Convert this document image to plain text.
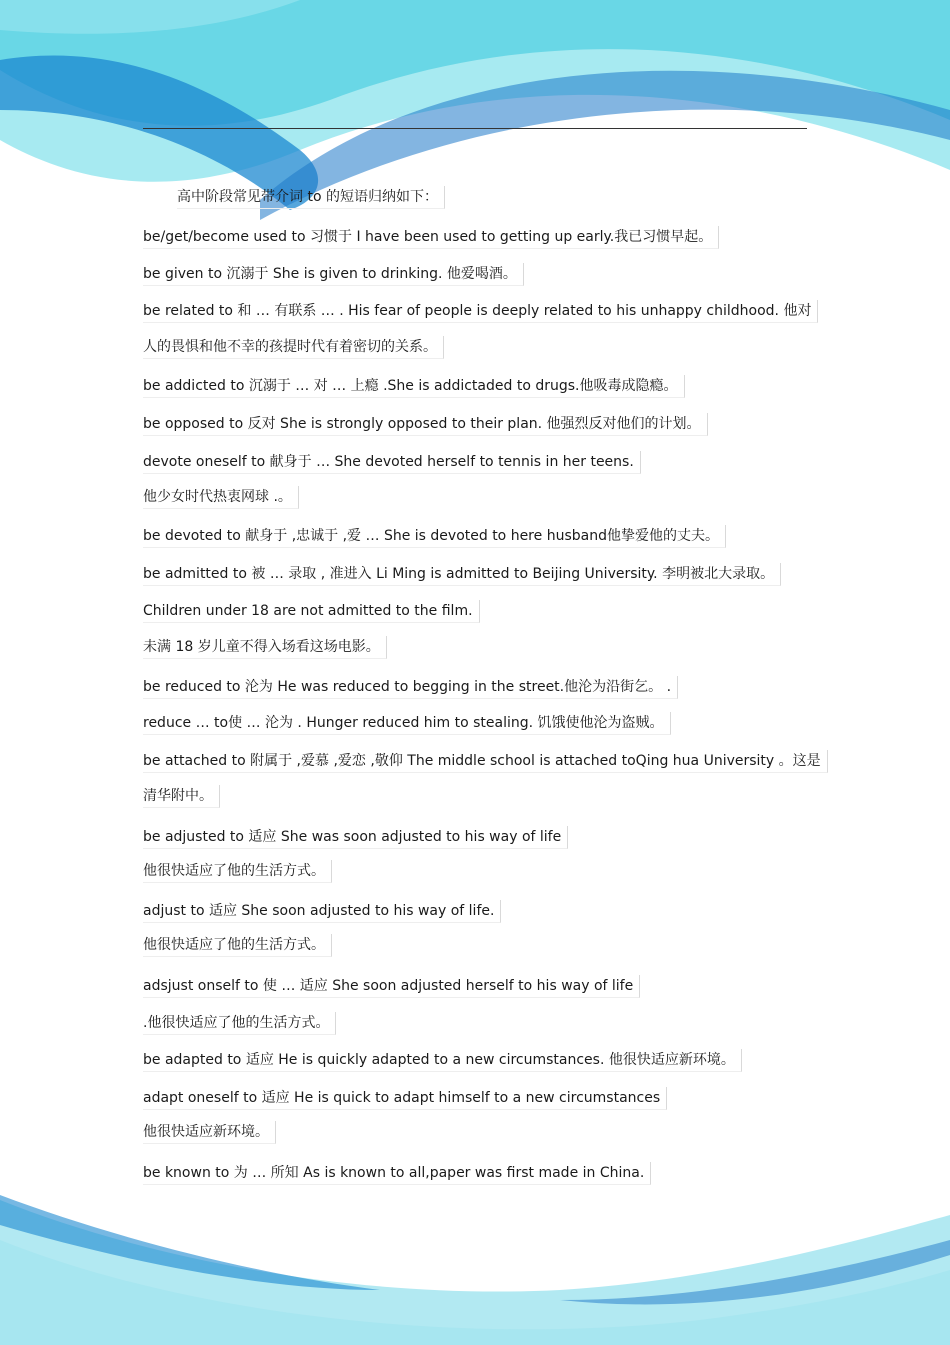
高中阶段常见带介词 to 的短语归纳如下：
be/get/become used to 习惯于 I have been used to getting up early.我已习惯早起。
be given to 沉溺于 She is given to drinking. 他爱喝酒。
be related to 和 … 有联系 … . His fear of people is deeply related to his unhappy childhood. 他对
人的畏惧和他不幸的孩提时代有着密切的关系。
be addicted to 沉溺于 … 对 … 上瘾 .She is addictaded to drugs.他吸毒成隐瘾。
be opposed to 反对 She is strongly opposed to their plan. 他强烈反对他们的计划。
devote oneself to 献身于 … She devoted herself to tennis in her teens.
他少女时代热衷网球 .。
be devoted to 献身于 ,忠诚于 ,爱 … She is devoted to here husband他挚爱他的丈夫。
be admitted to 被 … 录取 , 准进入 Li Ming is admitted to Beijing University. 李明被北大录取。
Children under 18 are not admitted to the film.
未满 18 岁儿童不得入场看这场电影。
be reduced to 沦为 He was reduced to begging in the street.他沦为沿街乞。 .
reduce … to使 … 沦为 . Hunger reduced him to stealing. 饥饿使他沦为盗贼。
be attached to 附属于 ,爱慕 ,爱恋 ,敬仰 The middle school is attached toQing hua University 。这是
清华附中。
be adjusted to 适应 She was soon adjusted to his way of life
他很快适应了他的生活方式。
adjust to 适应 She soon adjusted to his way of life.
他很快适应了他的生活方式。
adsjust onself to 使 … 适应 She soon adjusted herself to his way of life
.他很快适应了他的生活方式。
be adapted to 适应 He is quickly adapted to a new circumstances. 他很快适应新环境。
adapt oneself to 适应 He is quick to adapt himself to a new circumstances
他很快适应新环境。
be known to 为 … 所知 As is known to all,paper was first made in China.
